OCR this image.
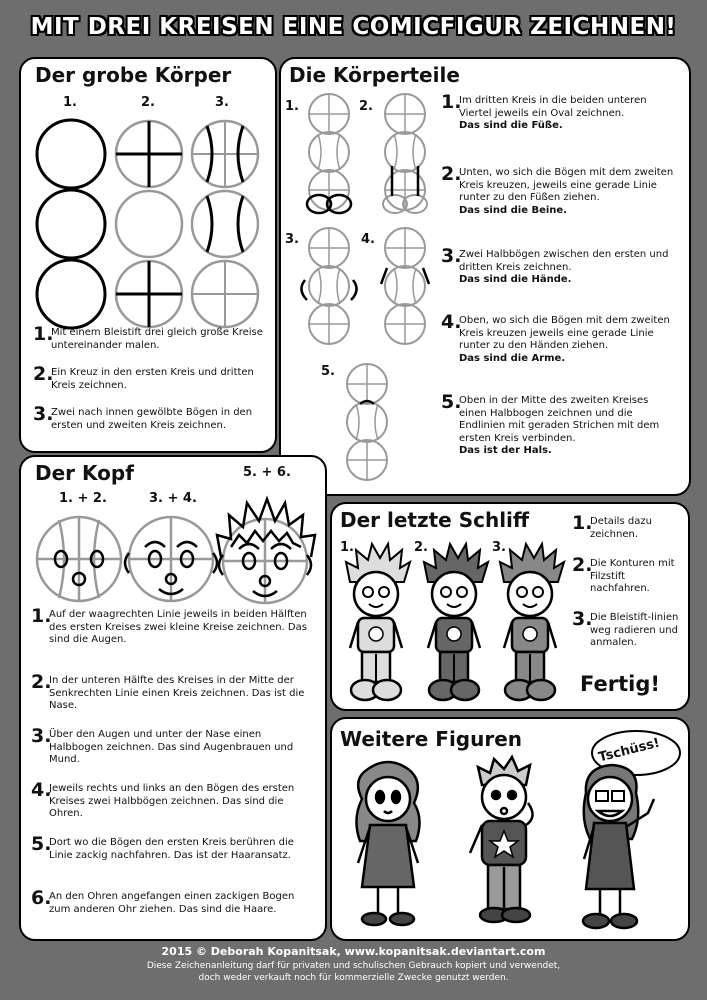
MIT DREI KREISEN EINE COMICFIGUR ZEICHNEN!
Der grobe Körper
1.	2.	3.
1.
Mit einem Bleistift drei gleich große Kreise untereinander malen.
2.
Ein Kreuz in den ersten Kreis und dritten Kreis zeichnen.
3.
Zwei nach innen gewölbte Bögen in den ersten und zweiten Kreis zeichnen.
Die Körperteile
1.	2.
3.	4.
5.
1.
Im dritten Kreis in die beiden unteren Viertel jeweils ein Oval zeichnen.
Das sind die Füße.
2.
Unten, wo sich die Bögen mit dem zweiten Kreis kreuzen, jeweils eine gerade Linie runter zu den Füßen ziehen.
Das sind die Beine.
3.
Zwei Halbbögen zwischen den ersten und dritten Kreis zeichnen.
Das sind die Hände.
4.
Oben, wo sich die Bögen mit dem zweiten Kreis kreuzen jeweils eine gerade Linie runter zu den Händen ziehen.
Das sind die Arme.
5.
Oben in der Mitte des zweiten Kreises einen Halbbogen zeichnen und die Endlinien mit geraden Strichen mit dem ersten Kreis verbinden.
Das ist der Hals.
Der Kopf
1. + 2.	3. + 4.
5. + 6.
1.
Auf der waagrechten Linie jeweils in beiden Hälften des ersten Kreises zwei kleine Kreise zeichnen. Das sind die Augen.
2.
In der unteren Hälfte des Kreises in der Mitte der Senkrechten Linie einen Kreis zeichnen. Das ist die Nase.
3.
Über den Augen und unter der Nase einen Halbbogen zeichnen. Das sind Augenbrauen und Mund.
4.
Jeweils rechts und links an den Bögen des ersten Kreises zwei Halbbögen zeichnen. Das sind die Ohren.
5.
Dort wo die Bögen den ersten Kreis berühren die Linie zackig nachfahren. Das ist der Haaransatz.
6.
An den Ohren angefangen einen zackigen Bogen zum anderen Ohr ziehen. Das sind die Haare.
Der letzte Schliff
1.	2.	3.
1.
Details dazu zeichnen.
2.
Die Konturen mit Filzstift nachfahren.
3.
Die Bleistift-linien weg radieren und anmalen.
Fertig!
Weitere Figuren	Tschüss!
2015 © Deborah Kopanitsak, www.kopanitsak.deviantart.com
Diese Zeichenanleitung darf für privaten und schulischen Gebrauch kopiert und verwendet,
doch weder verkauft noch für kommerzielle Zwecke genutzt werden.
